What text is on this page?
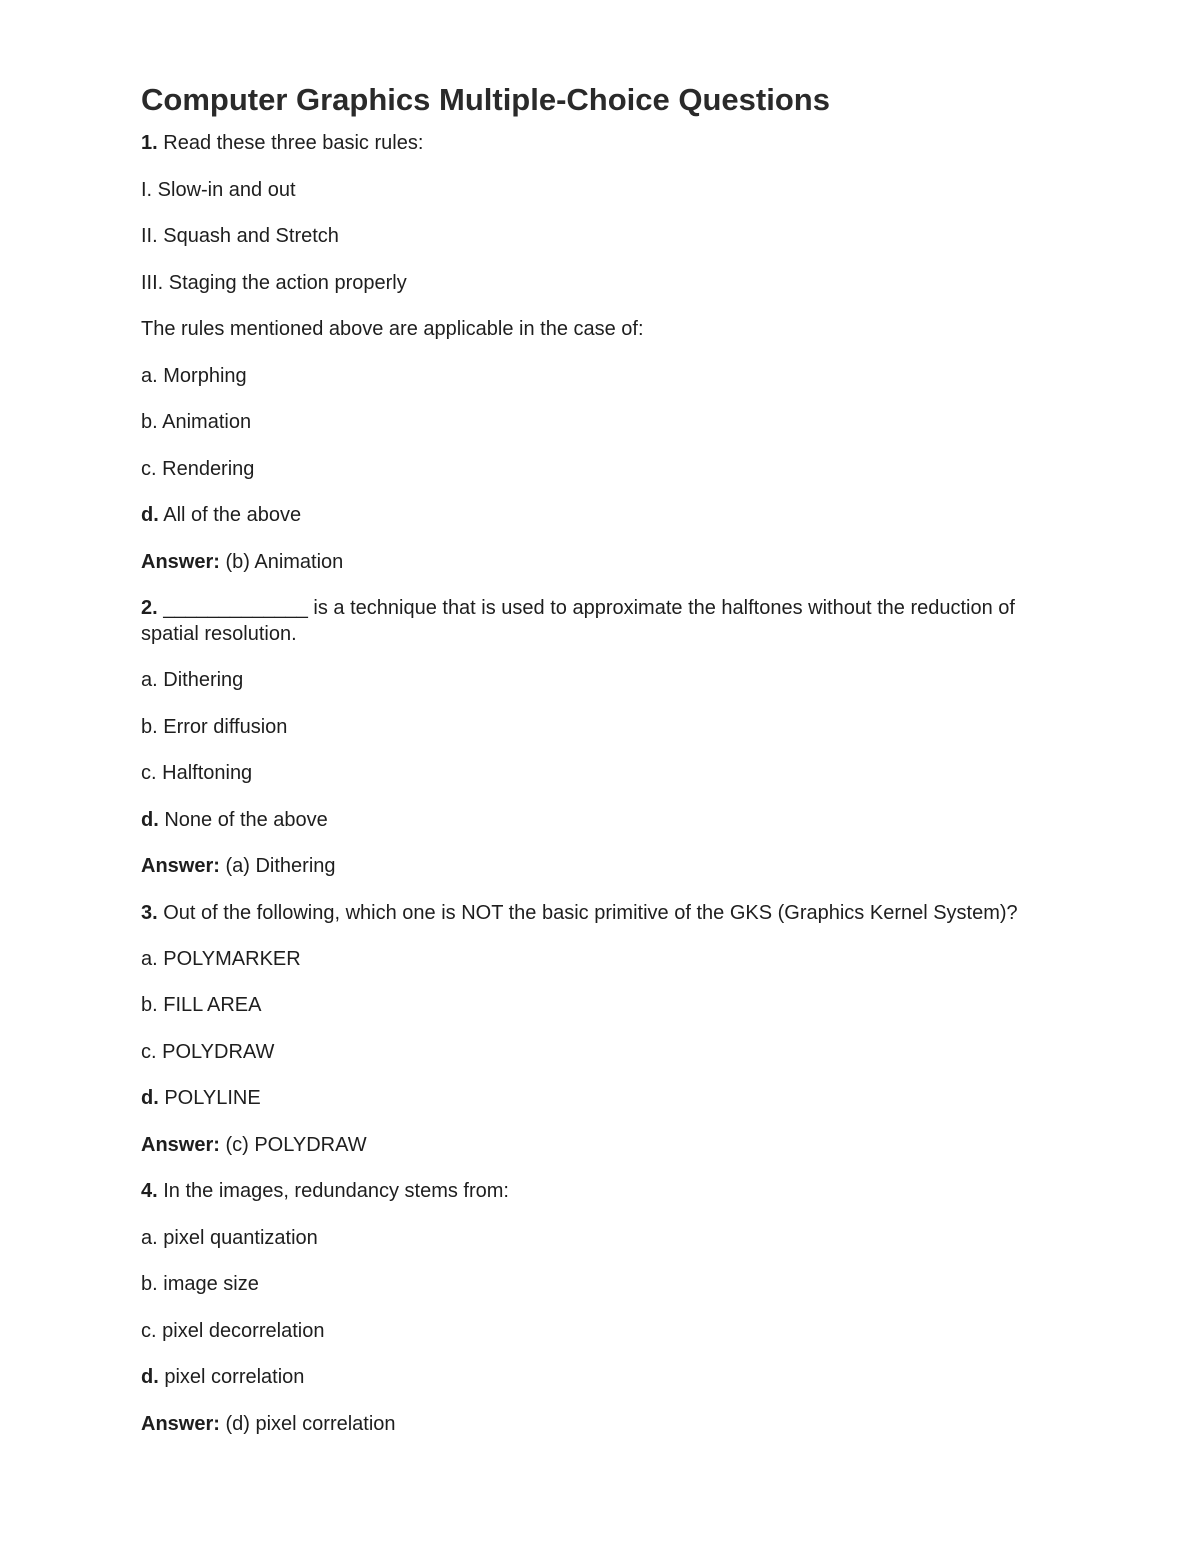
Computer Graphics Multiple-Choice Questions
1. Read these three basic rules:
I. Slow-in and out
II. Squash and Stretch
III. Staging the action properly
The rules mentioned above are applicable in the case of:
a. Morphing
b. Animation
c. Rendering
d. All of the above
Answer: (b) Animation
2. _____________ is a technique that is used to approximate the halftones without the reduction of spatial resolution.
a. Dithering
b. Error diffusion
c. Halftoning
d. None of the above
Answer: (a) Dithering
3. Out of the following, which one is NOT the basic primitive of the GKS (Graphics Kernel System)?
a. POLYMARKER
b. FILL AREA
c. POLYDRAW
d. POLYLINE
Answer: (c) POLYDRAW
4. In the images, redundancy stems from:
a. pixel quantization
b. image size
c. pixel decorrelation
d. pixel correlation
Answer: (d) pixel correlation
